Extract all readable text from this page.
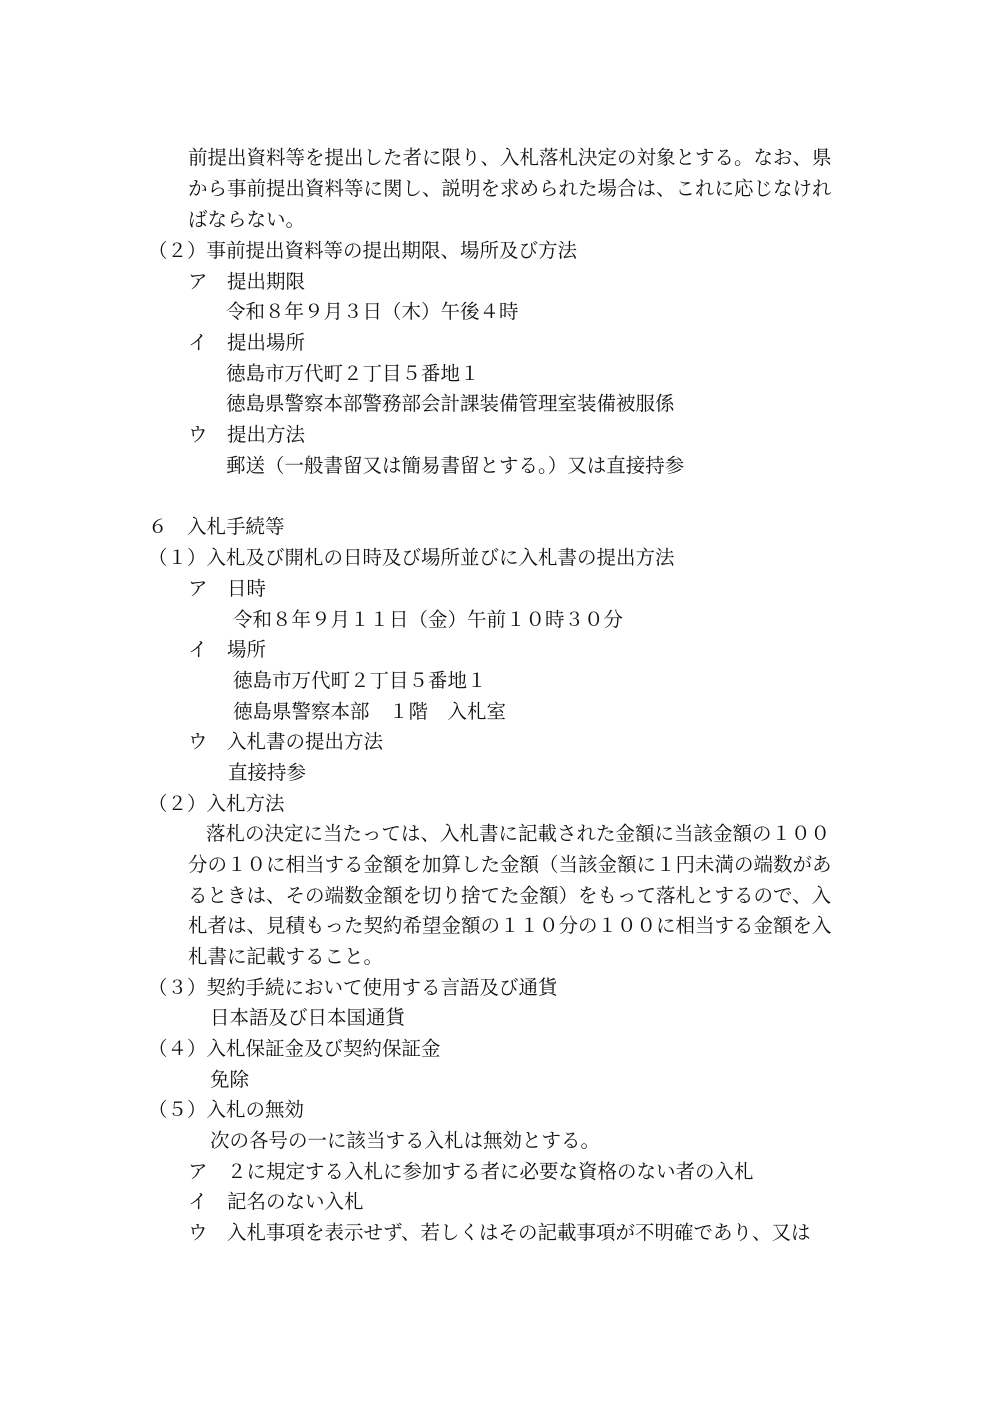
前提出資料等を提出した者に限り、入札落札決定の対象とする。なお、県
から事前提出資料等に関し、説明を求められた場合は、これに応じなけれ
ばならない。
（２）事前提出資料等の提出期限、場所及び方法
ア　提出期限
令和８年９月３日（木）午後４時
イ　提出場所
徳島市万代町２丁目５番地１
徳島県警察本部警務部会計課装備管理室装備被服係
ウ　提出方法
郵送（一般書留又は簡易書留とする。）又は直接持参
６　入札手続等
（１）入札及び開札の日時及び場所並びに入札書の提出方法
ア　日時
令和８年９月１１日（金）午前１０時３０分
イ　場所
徳島市万代町２丁目５番地１
徳島県警察本部　１階　入札室
ウ　入札書の提出方法
直接持参
（２）入札方法
落札の決定に当たっては、入札書に記載された金額に当該金額の１００
分の１０に相当する金額を加算した金額（当該金額に１円未満の端数があ
るときは、その端数金額を切り捨てた金額）をもって落札とするので、入
札者は、見積もった契約希望金額の１１０分の１００に相当する金額を入
札書に記載すること。
（３）契約手続において使用する言語及び通貨
日本語及び日本国通貨
（４）入札保証金及び契約保証金
免除
（５）入札の無効
次の各号の一に該当する入札は無効とする。
ア　２に規定する入札に参加する者に必要な資格のない者の入札
イ　記名のない入札
ウ　入札事項を表示せず、若しくはその記載事項が不明確であり、又は
